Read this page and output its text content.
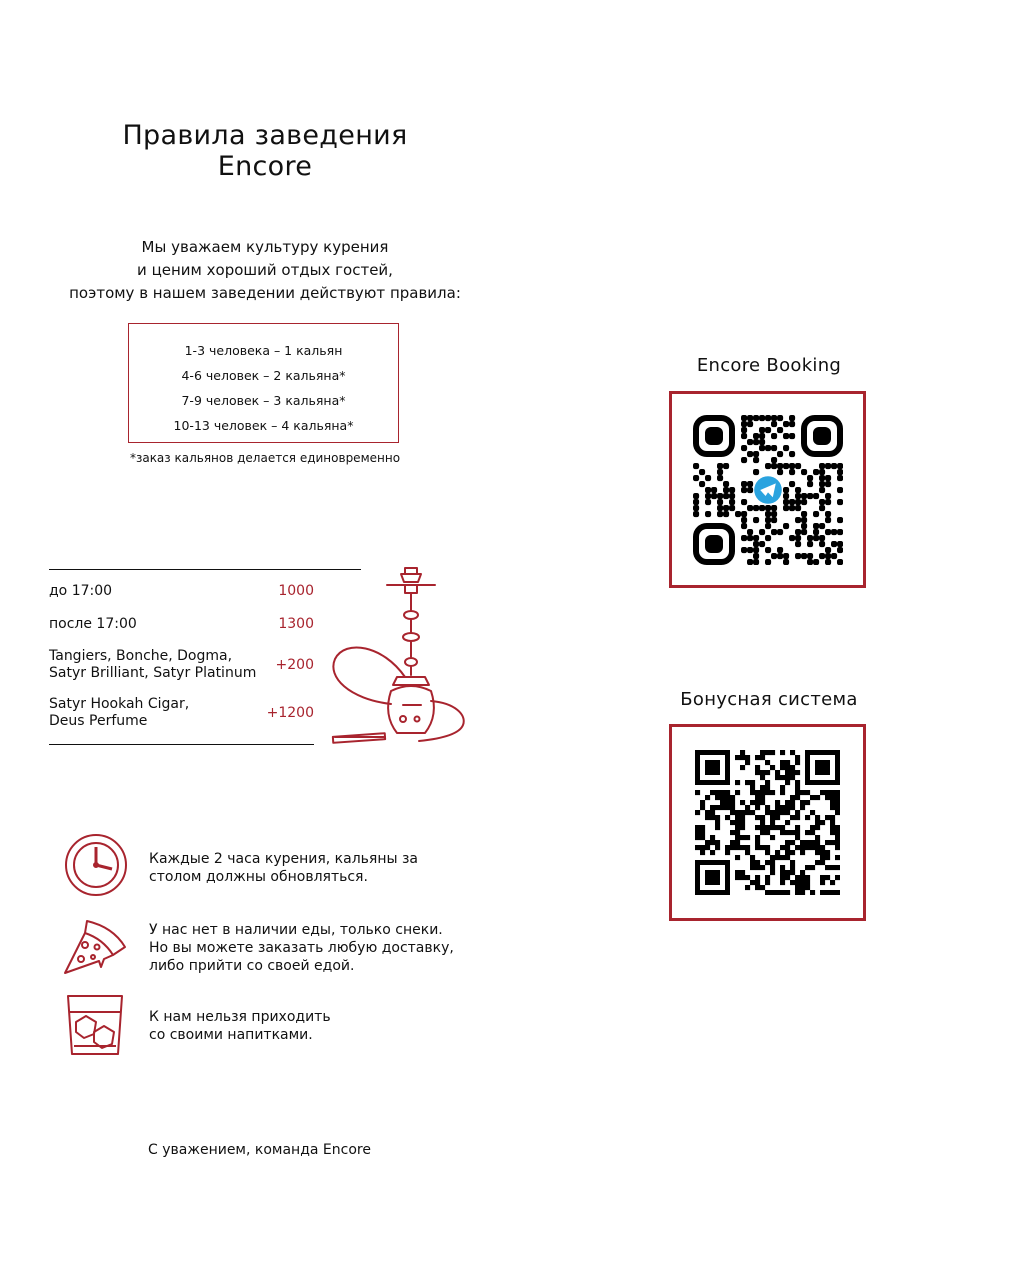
Правила заведения
Encore
Мы уважаем культуру курения
и ценим хороший отдых гостей,
поэтому в нашем заведении действуют правила:
1-3 человека – 1 кальян
4-6 человек – 2 кальяна*
7-9 человек – 3 кальяна*
10-13 человек – 4 кальяна*
*заказ кальянов делается единовременно
до 17:00	1000
после 17:00	1300
Tangiers, Bonche, Dogma,
Satyr Brilliant, Satyr Platinum
+200
Satyr Hookah Cigar,
Deus Perfume
+1200
Каждые 2 часа курения, кальяны за
столом должны обновляться.
У нас нет в наличии еды, только снеки.
Но вы можете заказать любую доставку,
либо прийти со своей едой.
К нам нельзя приходить
со своими напитками.
С уважением, команда Encore
Encore Booking
Бонусная система
